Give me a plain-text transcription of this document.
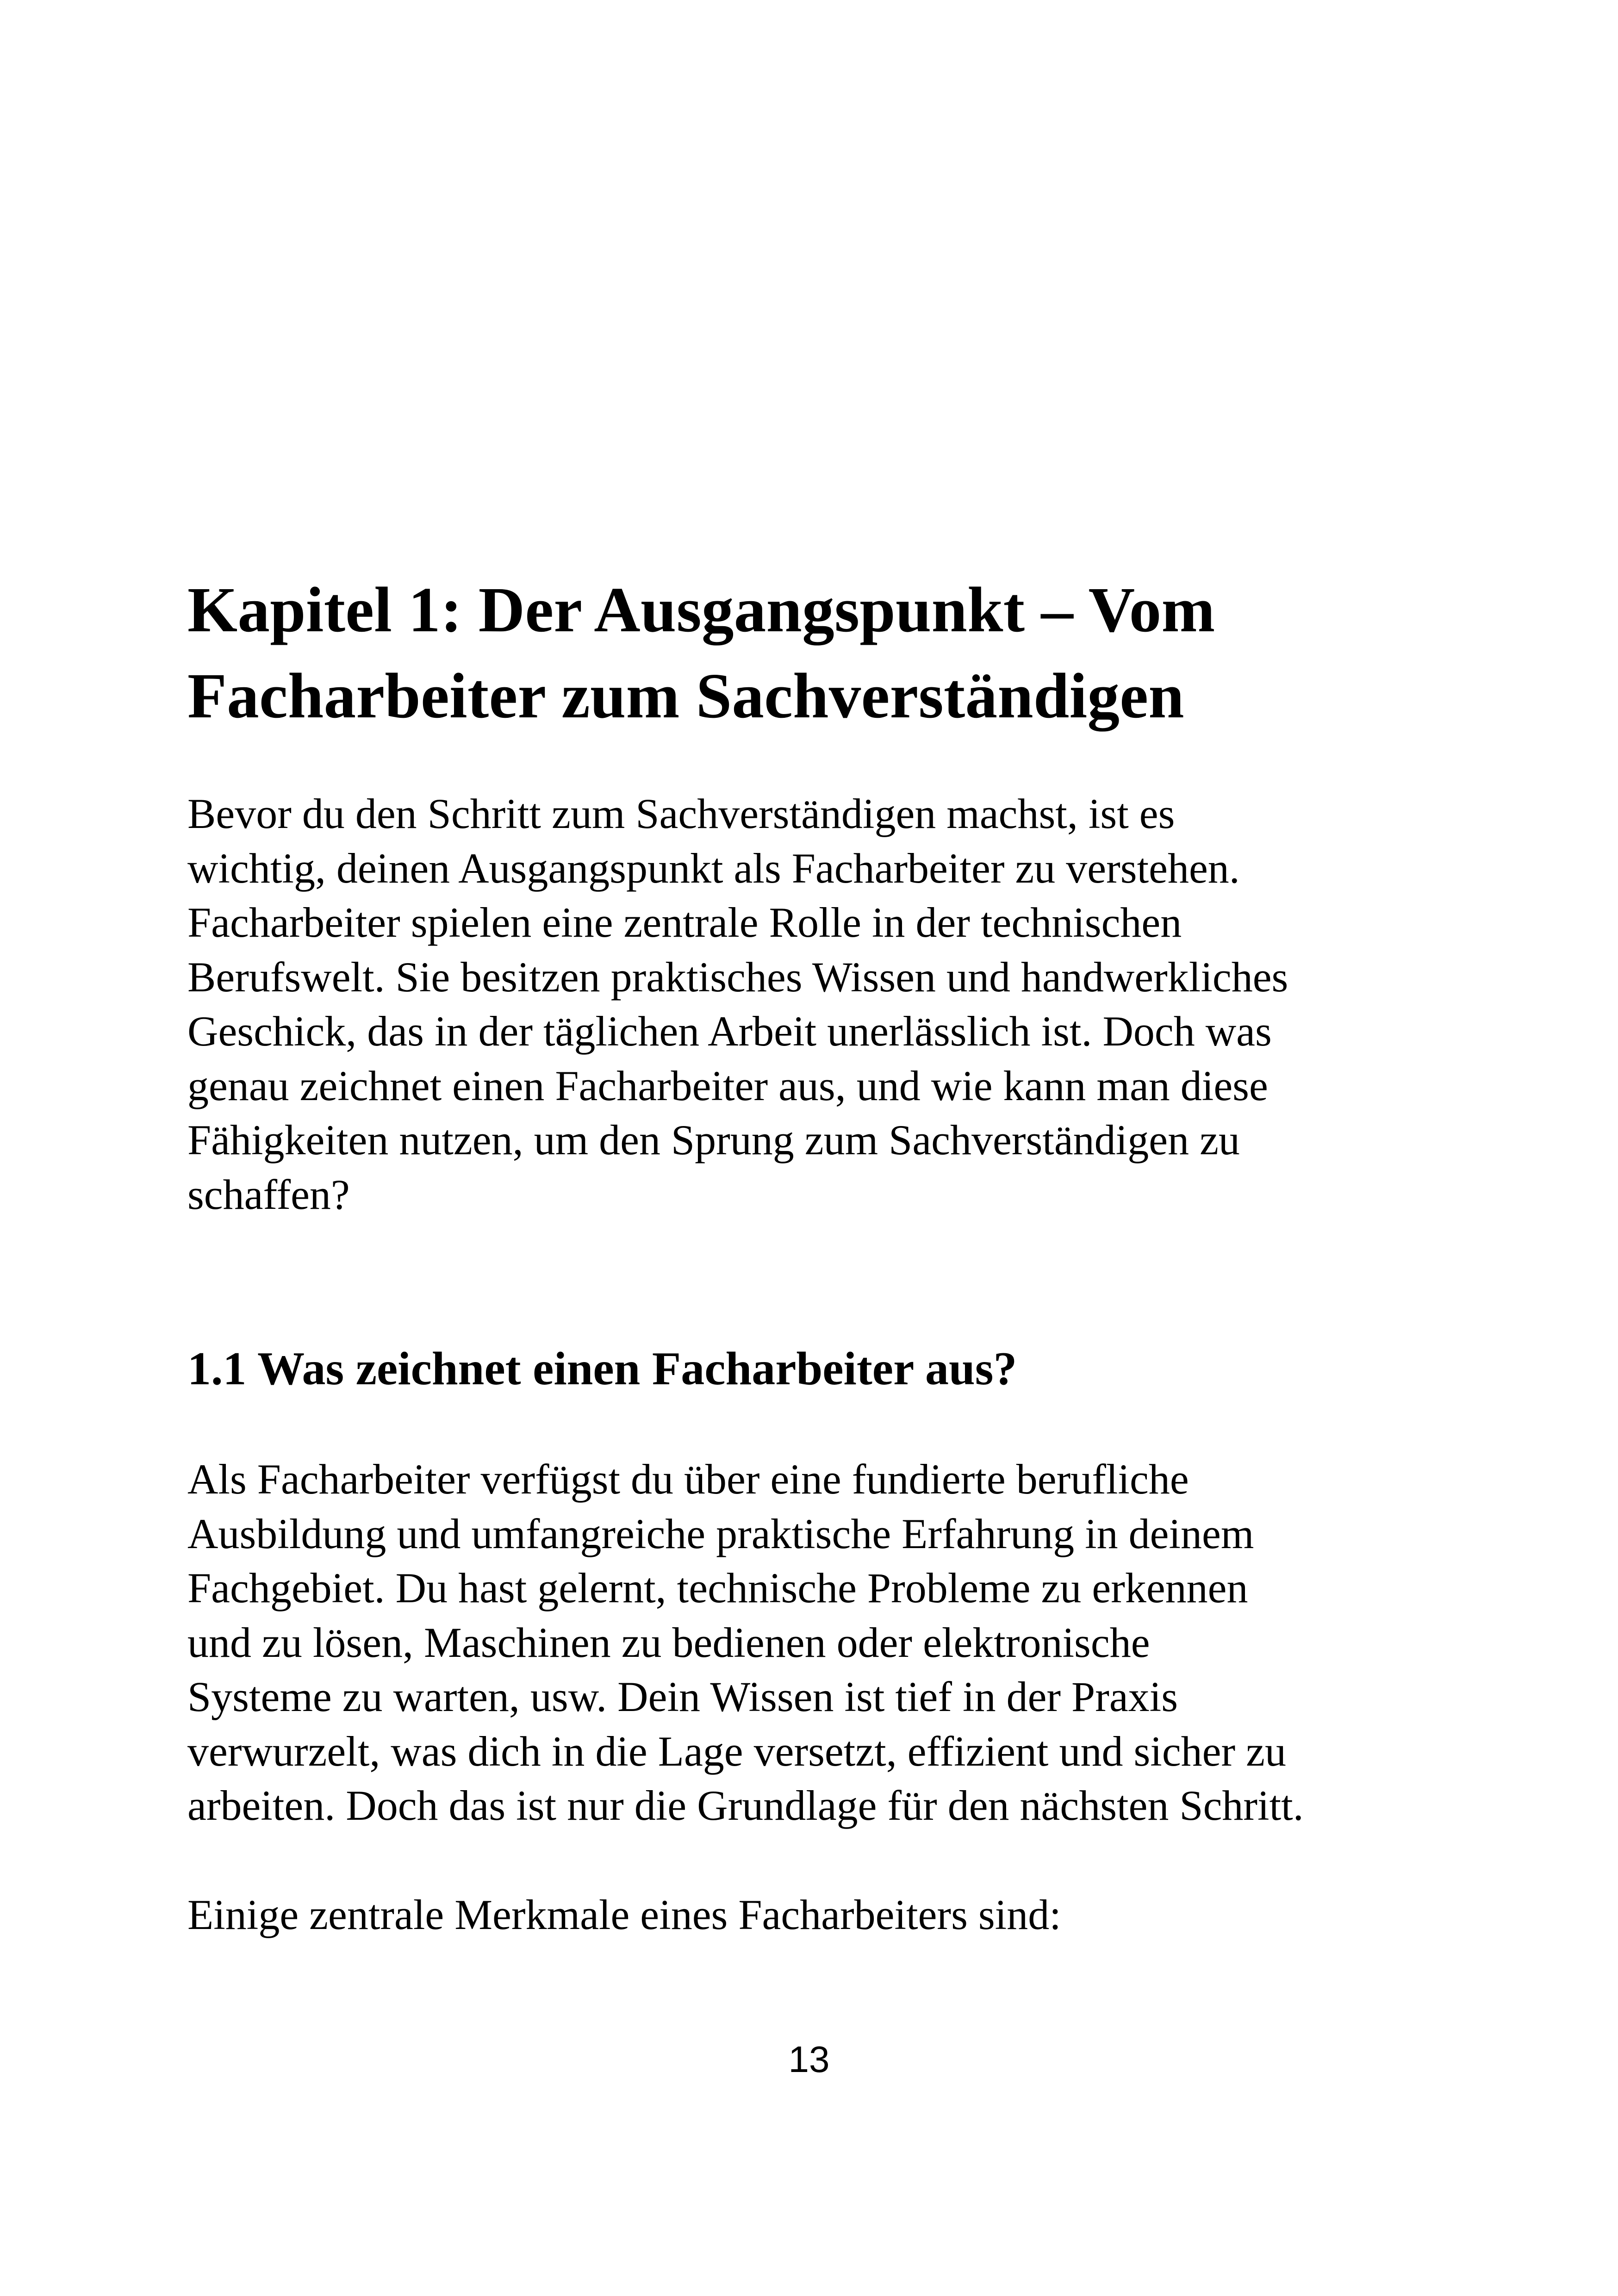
Kapitel 1: Der Ausgangspunkt – Vom
Facharbeiter zum Sachverständigen

Bevor du den Schritt zum Sachverständigen machst, ist es
wichtig, deinen Ausgangspunkt als Facharbeiter zu verstehen.
Facharbeiter spielen eine zentrale Rolle in der technischen
Berufswelt. Sie besitzen praktisches Wissen und handwerkliches
Geschick, das in der täglichen Arbeit unerlässlich ist. Doch was
genau zeichnet einen Facharbeiter aus, und wie kann man diese
Fähigkeiten nutzen, um den Sprung zum Sachverständigen zu
schaffen?

1.1 Was zeichnet einen Facharbeiter aus?

Als Facharbeiter verfügst du über eine fundierte berufliche
Ausbildung und umfangreiche praktische Erfahrung in deinem
Fachgebiet. Du hast gelernt, technische Probleme zu erkennen
und zu lösen, Maschinen zu bedienen oder elektronische
Systeme zu warten, usw. Dein Wissen ist tief in der Praxis
verwurzelt, was dich in die Lage versetzt, effizient und sicher zu
arbeiten. Doch das ist nur die Grundlage für den nächsten Schritt.

Einige zentrale Merkmale eines Facharbeiters sind:

13
